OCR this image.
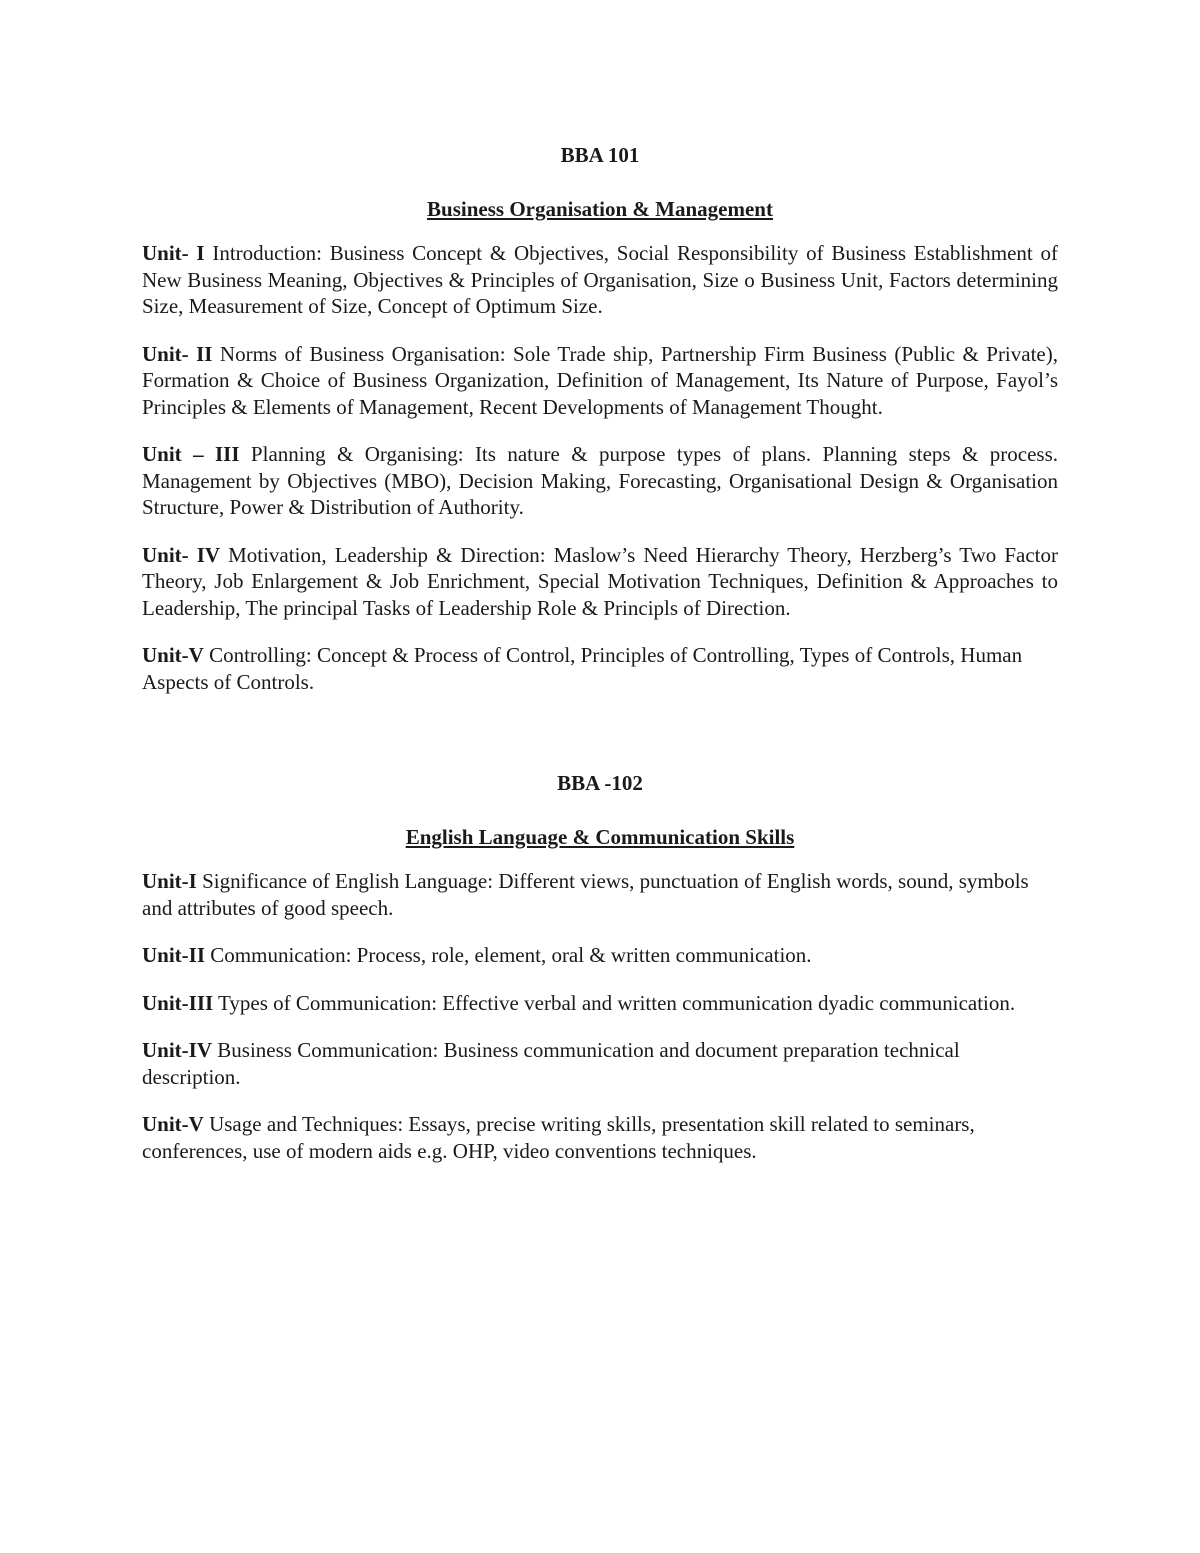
BBA 101
Business Organisation & Management

Unit- I Introduction: Business Concept & Objectives, Social Responsibility of Business Establishment of New Business Meaning, Objectives & Principles of Organisation, Size o Business Unit, Factors determining Size, Measurement of Size, Concept of Optimum Size.

Unit- II Norms of Business Organisation: Sole Trade ship, Partnership Firm Business (Public & Private), Formation & Choice of Business Organization, Definition of Management, Its Nature of Purpose, Fayol’s Principles & Elements of Management, Recent Developments of Management Thought.

Unit – III Planning & Organising: Its nature & purpose types of plans. Planning steps & process. Management by Objectives (MBO), Decision Making, Forecasting, Organisational Design & Organisation Structure, Power & Distribution of Authority.

Unit- IV Motivation, Leadership & Direction: Maslow’s Need Hierarchy Theory, Herzberg’s Two Factor Theory, Job Enlargement & Job Enrichment, Special Motivation Techniques, Definition & Approaches to Leadership, The principal Tasks of Leadership Role & Principls of Direction.

Unit-V Controlling: Concept & Process of Control, Principles of Controlling, Types of Controls, Human Aspects of Controls.

BBA -102
English Language & Communication Skills

Unit-I Significance of English Language: Different views, punctuation of English words, sound, symbols and attributes of good speech.

Unit-II Communication: Process, role, element, oral & written communication.

Unit-III Types of Communication: Effective verbal and written communication dyadic communication.

Unit-IV Business Communication: Business communication and document preparation technical description.

Unit-V Usage and Techniques: Essays, precise writing skills, presentation skill related to seminars, conferences, use of modern aids e.g. OHP, video conventions techniques.
